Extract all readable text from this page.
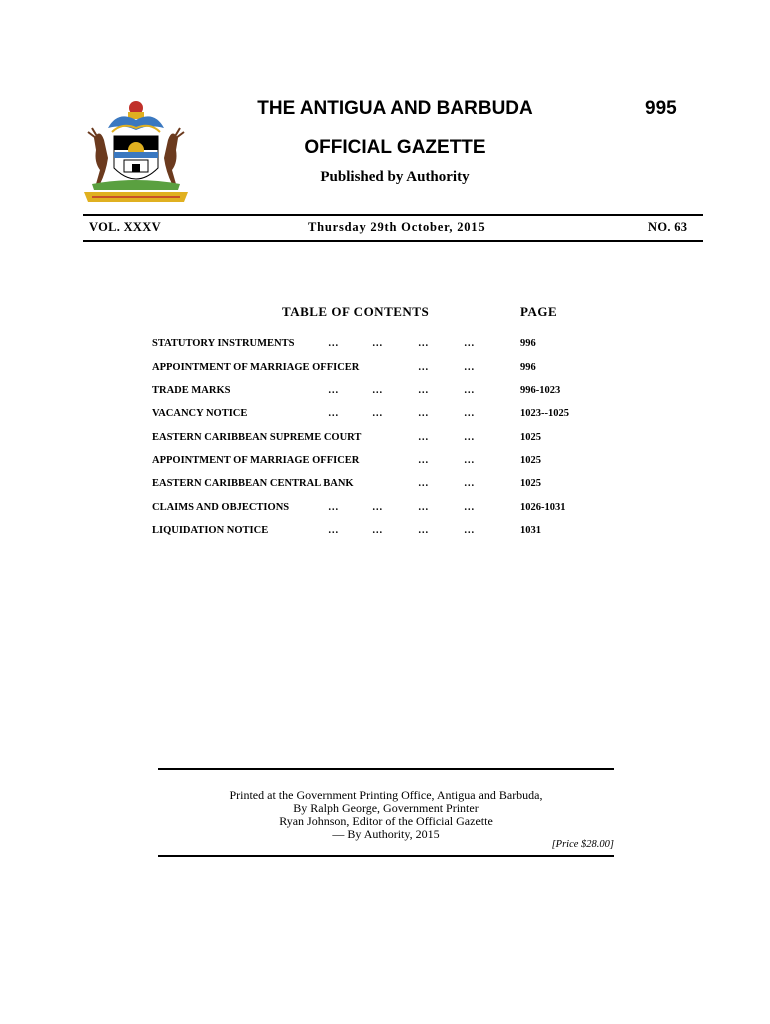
THE ANTIGUA AND BARBUDA	995
OFFICIAL GAZETTE
Published by Authority
VOL. XXXV	Thursday 29th October, 2015	NO. 63
TABLE OF CONTENTS	PAGE
STATUTORY INSTRUMENTS	…	…	…	…	996
APPOINTMENT OF MARRIAGE OFFICER	…	…	996
TRADE MARKS	…	…	…	…	996-1023
VACANCY NOTICE	…	…	…	…	1023--1025
EASTERN CARIBBEAN SUPREME COURT	…	…	1025
APPOINTMENT OF MARRIAGE OFFICER	…	…	1025
EASTERN CARIBBEAN CENTRAL BANK	…	…	1025
CLAIMS AND OBJECTIONS	…	…	…	…	1026-1031
LIQUIDATION NOTICE	…	…	…	…	1031
Printed at the Government Printing Office, Antigua and Barbuda,
By Ralph George, Government Printer
Ryan Johnson, Editor of the Official Gazette
— By Authority, 2015
[Price $28.00]
